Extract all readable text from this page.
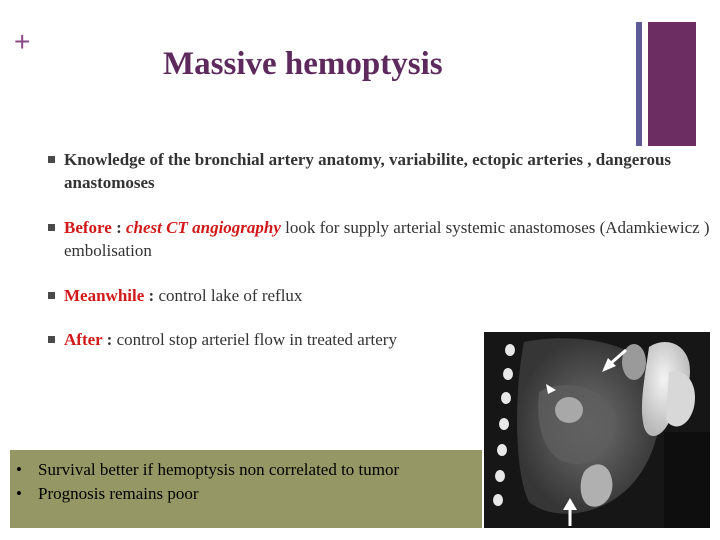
+
Massive hemoptysis
Knowledge of the bronchial artery anatomy, variabilite, ectopic arteries , dangerous anastomoses
Before : chest CT angiography look for supply arterial systemic anastomoses (Adamkiewicz ) embolisation
Meanwhile : control lake of reflux
After : control stop arteriel flow in treated artery
• Survival better if hemoptysis non correlated to tumor
• Prognosis remains poor
